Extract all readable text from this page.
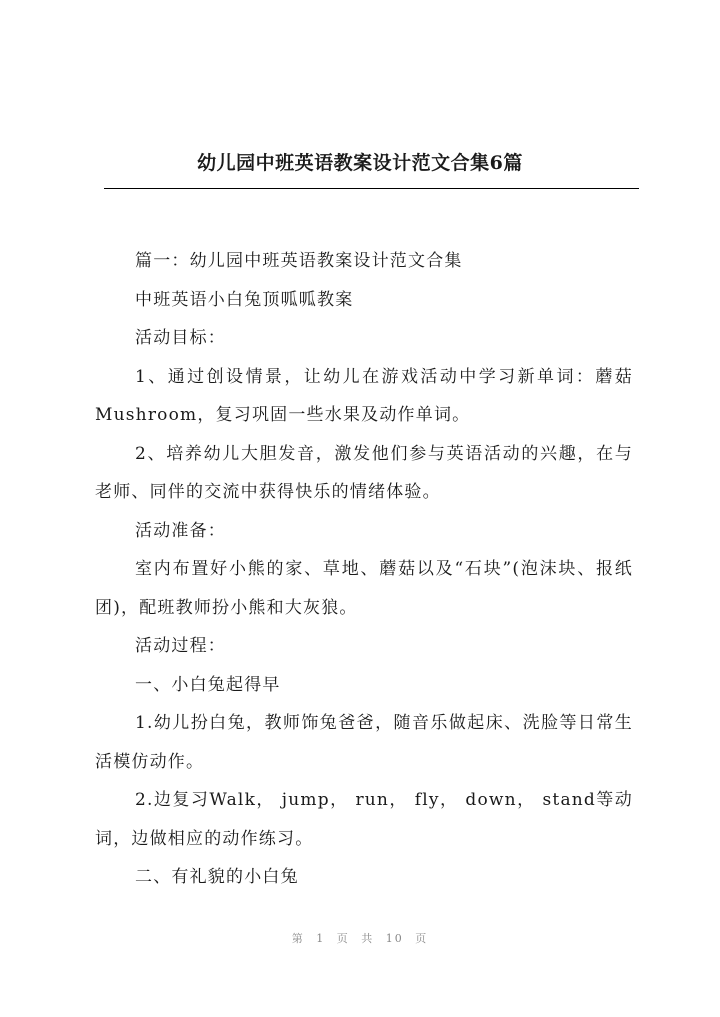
幼儿园中班英语教案设计范文合集6篇

篇一：幼儿园中班英语教案设计范文合集

中班英语小白兔顶呱呱教案

活动目标：

1、通过创设情景，让幼儿在游戏活动中学习新单词：蘑菇Mushroom，复习巩固一些水果及动作单词。

2、培养幼儿大胆发音，激发他们参与英语活动的兴趣，在与老师、同伴的交流中获得快乐的情绪体验。

活动准备：

室内布置好小熊的家、草地、蘑菇以及“石块”(泡沫块、报纸团)，配班教师扮小熊和大灰狼。

活动过程：

一、小白兔起得早

1.幼儿扮白兔，教师饰兔爸爸，随音乐做起床、洗脸等日常生活模仿动作。

2.边复习Walk， jump， run， fly， down， stand等动词，边做相应的动作练习。

二、有礼貌的小白兔

第 1 页 共 10 页
